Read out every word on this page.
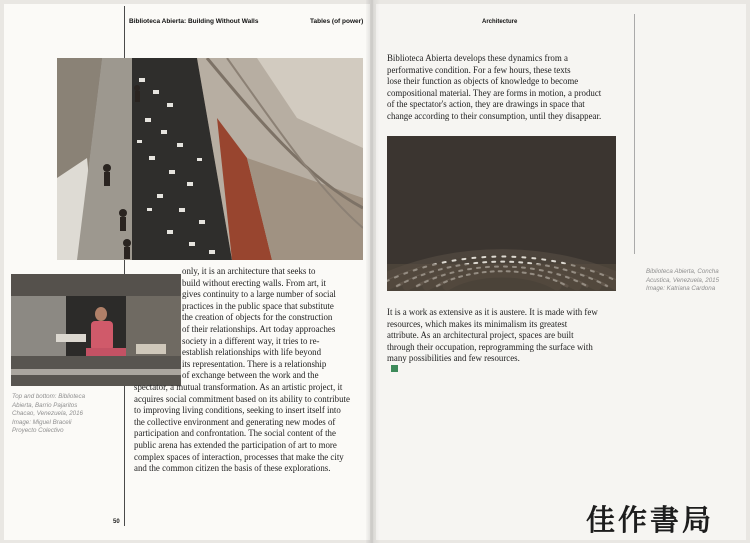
Biblioteca Abierta: Building Without Walls	Tables (of power)
only, it is an architecture that seeks to
build without erecting walls. From art, it
gives continuity to a large number of social
practices in the public space that substitute
the creation of objects for the construction
of their relationships. Art today approaches
society in a different way, it tries to re-
establish relationships with life beyond
its representation. There is a relationship
of exchange between the work and the
spectator, a mutual transformation. As an artistic project, it
acquires social commitment based on its ability to contribute
to improving living conditions, seeking to insert itself into
the collective environment and generating new modes of
participation and confrontation. The social content of the
public arena has extended the participation of art to more
complex spaces of interaction, processes that make the city
and the common citizen the basis of these explorations.
Top and bottom: Biblioteca
Abierta, Barrio Pajaritos
Chacao, Venezuela, 2016
Image: Miguel Braceli
Proyecto Colectivo
50
Architecture
Biblioteca Abierta develops these dynamics from a
performative condition. For a few hours, these texts
lose their function as objects of knowledge to become
compositional material. They are forms in motion, a product
of the spectator's action, they are drawings in space that
change according to their consumption, until they disappear.
It is a work as extensive as it is austere. It is made with few
resources, which makes its minimalism its greatest
attribute. As an architectural project, spaces are built
through their occupation, reprogramming the surface with
many possibilities and few resources.
Biblioteca Abierta, Concha
Acustica, Venezuela, 2015
Image: Katriana Cardona
佳作書局
